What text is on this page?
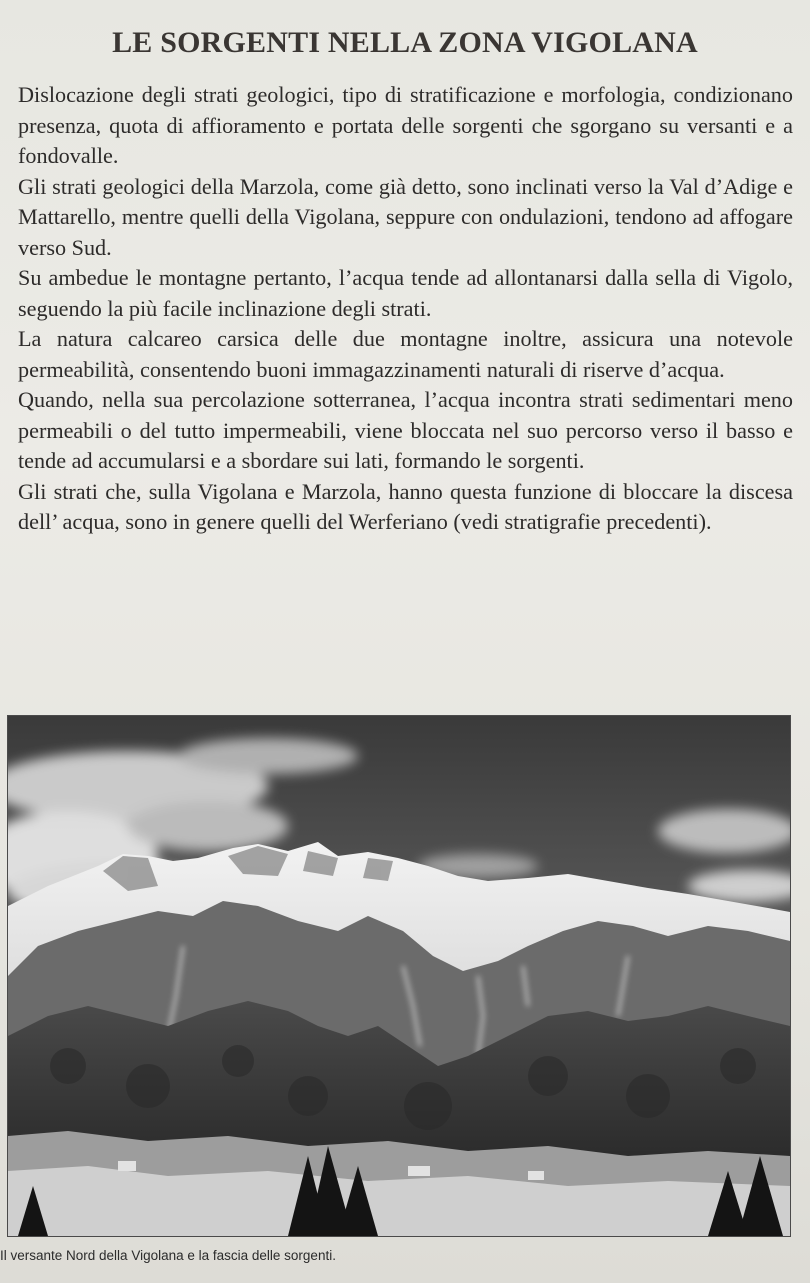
LE SORGENTI NELLA ZONA VIGOLANA

Dislocazione degli strati geologici, tipo di stratificazione e morfologia, condizionano presenza, quota di affioramento e portata delle sorgenti che sgorgano su versanti e a fondovalle.

Gli strati geologici della Marzola, come già detto, sono inclinati verso la Val d’Adige e Mattarello, mentre quelli della Vigolana, seppure con ondulazioni, tendono ad affogare verso Sud.

Su ambedue le montagne pertanto, l’acqua tende ad allontanarsi dalla sella di Vigolo, seguendo la più facile inclinazione degli strati.

La natura calcareo carsica delle due montagne inoltre, assicura una notevole permeabilità, consentendo buoni immagazzinamenti naturali di riserve d’acqua.

Quando, nella sua percolazione sotterranea, l’acqua incontra strati sedimentari meno permeabili o del tutto impermeabili, viene bloccata nel suo percorso verso il basso e tende ad accumularsi e a sbordare sui lati, formando le sorgenti.

Gli strati che, sulla Vigolana e Marzola, hanno questa funzione di bloccare la discesa dell’ acqua, sono in genere quelli del Werferiano (vedi stratigrafie precedenti).

Il versante Nord della Vigolana e la fascia delle sorgenti.
